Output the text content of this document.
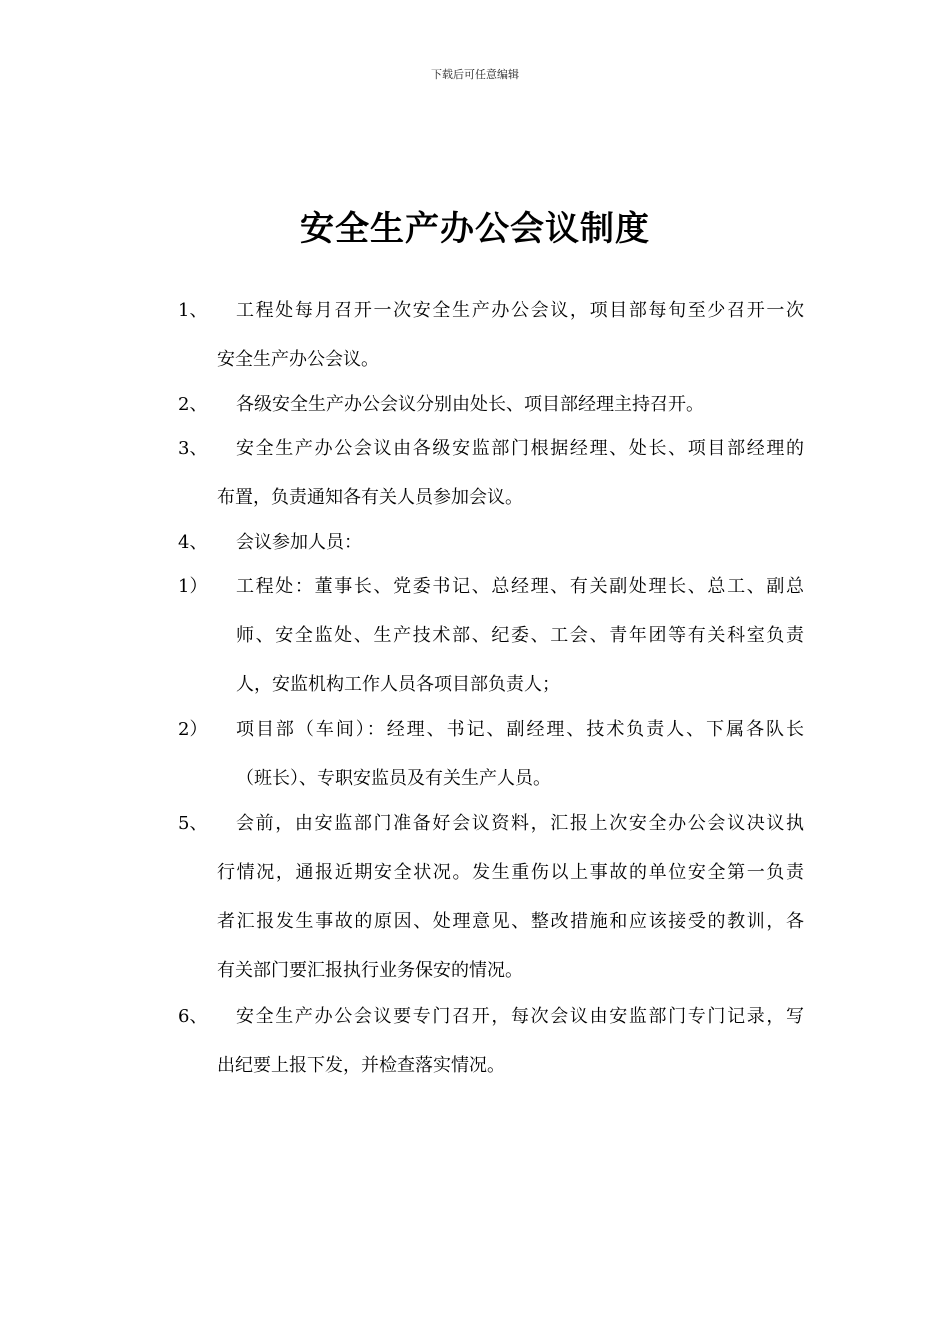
下载后可任意编辑
安全生产办公会议制度
1、 工程处每月召开一次安全生产办公会议，项目部每旬至少召开一次
安全生产办公会议。
2、 各级安全生产办公会议分别由处长、项目部经理主持召开。
3、 安全生产办公会议由各级安监部门根据经理、处长、项目部经理的
布置，负责通知各有关人员参加会议。
4、 会议参加人员：
1） 工程处：董事长、党委书记、总经理、有关副处理长、总工、副总
师、安全监处、生产技术部、纪委、工会、青年团等有关科室负责
人，安监机构工作人员各项目部负责人；
2） 项目部（车间）：经理、书记、副经理、技术负责人、下属各队长
（班长）、专职安监员及有关生产人员。
5、 会前，由安监部门准备好会议资料，汇报上次安全办公会议决议执
行情况，通报近期安全状况。发生重伤以上事故的单位安全第一负责
者汇报发生事故的原因、处理意见、整改措施和应该接受的教训，各
有关部门要汇报执行业务保安的情况。
6、 安全生产办公会议要专门召开，每次会议由安监部门专门记录，写
出纪要上报下发，并检查落实情况。
